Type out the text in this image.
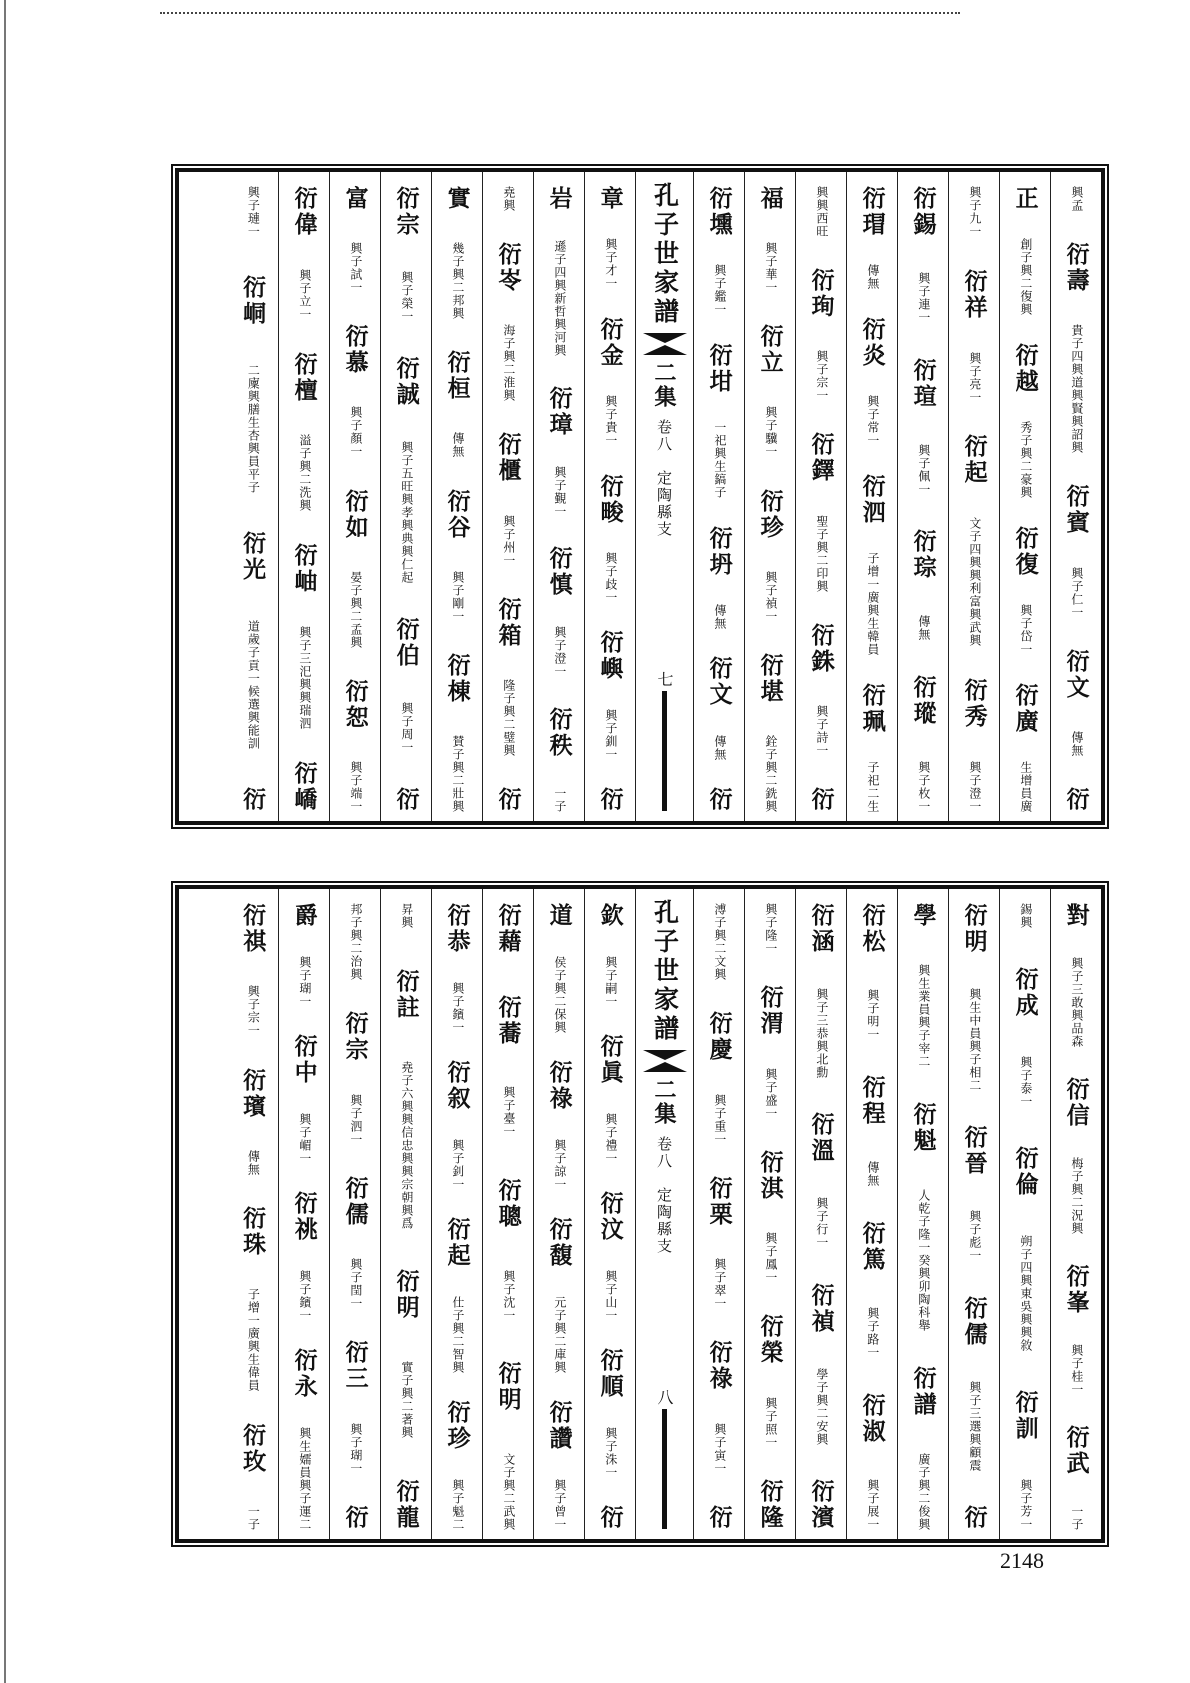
興孟
衍壽
貴子四興道興賢興詔興
衍賓
興子仁一
衍文
傳無
衍
正
創子興二復興
衍越
秀子興二豪興
衍復
興子岱一
衍廣
生增員廣
興子九一
衍祥
興子亮一
衍起
文子四興興利富興武興
衍秀
興子澄一
衍錫
興子連一
衍瑄
興子佩一
衍琮
傳無
衍瑽
興子枚一
衍瑁
傳無
衍炎
興子常一
衍泗
子增一廣興生韓員
衍珮
子祀二生
興興西旺
衍珣
興子宗一
衍鐸
聖子興二印興
衍銖
興子詩一
衍
福
興子華一
衍立
興子驥一
衍珍
興子禎一
衍堪
銓子興二銑興
衍壎
興子鑑一
衍坩
一祀興生鎬子
衍坍
傳無
衍文
傳無
衍
孔子世家譜
二集
卷八　定陶縣支
七
章
興子才一
衍金
興子貴一
衍畯
興子歧一
衍嶼
興子釧一
衍
岩
遜子四興新哲興河興
衍璋
興子覲一
衍慎
興子澄一
衍秩
一子
堯興
衍岺
海子興二淮興
衍櫃
興子州一
衍箱
隆子興二璧興
衍
實
幾子興二邦興
衍桓
傳無
衍谷
興子剛一
衍棟
賛子興二壯興
衍宗
興子榮一
衍誠
興子五旺興孝興典興仁起
衍伯
興子周一
衍
富
興子試一
衍慕
興子顏一
衍如
晏子興二孟興
衍恕
興子端一
衍偉
興子立一
衍檀
溢子興二洗興
衍岫
興子三汜興興瑞泗
衍嶠
興子璉一
衍峒
二廩興膳生杏興員平子
衍光
道歲子貢一候選興能訓
衍
對
興子三敢興品森
衍信
梅子興二況興
衍峯
興子桂一
衍武
一子
錫興
衍成
興子泰一
衍倫
朔子四興東吳興興敘
衍訓
興子芳一
衍明
興生中員興子相二
衍晉
興子彪一
衍儒
興子三選興顧震
衍
學
興生業員興子宰二
衍魁
人乾子隆一癸興卯陶科舉
衍譜
廣子興二俊興
衍松
興子明一
衍程
傳無
衍篤
興子路一
衍淑
興子展一
衍涵
興子三恭興北勳
衍溫
興子行一
衍禎
學子興二安興
衍濱
興子隆一
衍渭
興子盛一
衍淇
興子鳳一
衍榮
興子照一
衍隆
溥子興二文興
衍慶
興子重一
衍栗
興子翠一
衍祿
興子寅一
衍
孔子世家譜
二集
卷八　定陶縣支
八
欽
興子嗣一
衍眞
興子禮一
衍汶
興子山一
衍順
興子洙一
衍
道
侯子興二保興
衍祿
興子諒一
衍馥
元子興二庫興
衍讚
興子曾一
衍藉
衍蕎
興子臺一
衍聰
興子沈一
衍明
文子興二武興
衍恭
興子鑌一
衍叙
興子釗一
衍起
仕子興二智興
衍珍
興子魁二
昇興
衍註
堯子六興興信忠興興宗朝興爲
衍明
實子興二著興
衍龍
邦子興二治興
衍宗
興子泗一
衍儒
興子閏一
衍三
興子瑚一
衍
爵
興子瑚一
衍中
興子嵋一
衍祧
興子鑌一
衍永
興生嬬員興子運二
衍祺
興子宗一
衍璸
傳無
衍珠
子增一廣興生偉員
衍玫
一子
2148
